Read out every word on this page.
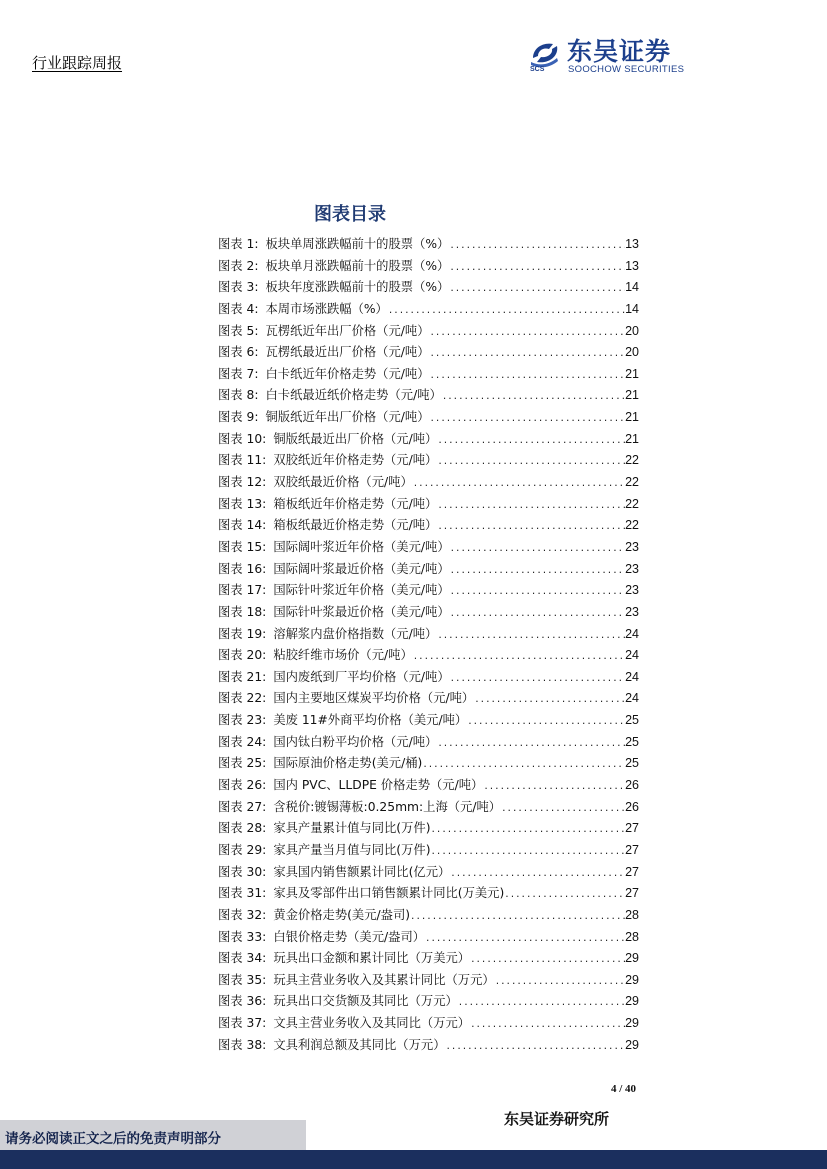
行业跟踪周报	SCS
东吴证券
SOOCHOW SECURITIES
图表目录
图表 1: 板块单周涨跌幅前十的股票（%） .....	13
图表 2: 板块单月涨跌幅前十的股票（%） .....	13
图表 3: 板块年度涨跌幅前十的股票（%） .....	14
图表 4: 本周市场涨跌幅（%） .....	14
图表 5: 瓦楞纸近年出厂价格（元/吨） .....	20
图表 6: 瓦楞纸最近出厂价格（元/吨） .....	20
图表 7: 白卡纸近年价格走势（元/吨） .....	21
图表 8: 白卡纸最近纸价格走势（元/吨） .....	21
图表 9: 铜版纸近年出厂价格（元/吨） .....	21
图表 10: 铜版纸最近出厂价格（元/吨） .....	21
图表 11: 双胶纸近年价格走势（元/吨） .....	22
图表 12: 双胶纸最近价格（元/吨） .....	22
图表 13: 箱板纸近年价格走势（元/吨） .....	22
图表 14: 箱板纸最近价格走势（元/吨） .....	22
图表 15: 国际阔叶浆近年价格（美元/吨） .....	23
图表 16: 国际阔叶浆最近价格（美元/吨） .....	23
图表 17: 国际针叶浆近年价格（美元/吨） .....	23
图表 18: 国际针叶浆最近价格（美元/吨） .....	23
图表 19: 溶解浆内盘价格指数（元/吨） .....	24
图表 20: 粘胶纤维市场价（元/吨） .....	24
图表 21: 国内废纸到厂平均价格（元/吨） .....	24
图表 22: 国内主要地区煤炭平均价格（元/吨） .....	24
图表 23: 美废 11#外商平均价格（美元/吨） .....	25
图表 24: 国内钛白粉平均价格（元/吨） .....	25
图表 25: 国际原油价格走势(美元/桶) .....	25
图表 26: 国内 PVC、LLDPE 价格走势（元/吨） .....	26
图表 27: 含税价:镀锡薄板:0.25mm:上海（元/吨） .....	26
图表 28: 家具产量累计值与同比(万件) .....	27
图表 29: 家具产量当月值与同比(万件) .....	27
图表 30: 家具国内销售额累计同比(亿元） .....	27
图表 31: 家具及零部件出口销售额累计同比(万美元) .....	27
图表 32: 黄金价格走势(美元/盎司) .....	28
图表 33: 白银价格走势（美元/盎司） .....	28
图表 34: 玩具出口金额和累计同比（万美元） .....	29
图表 35: 玩具主营业务收入及其累计同比（万元） .....	29
图表 36: 玩具出口交货额及其同比（万元） .....	29
图表 37: 文具主营业务收入及其同比（万元） .....	29
图表 38: 文具利润总额及其同比（万元） .....	29
4 / 40
东吴证券研究所
请务必阅读正文之后的免责声明部分
